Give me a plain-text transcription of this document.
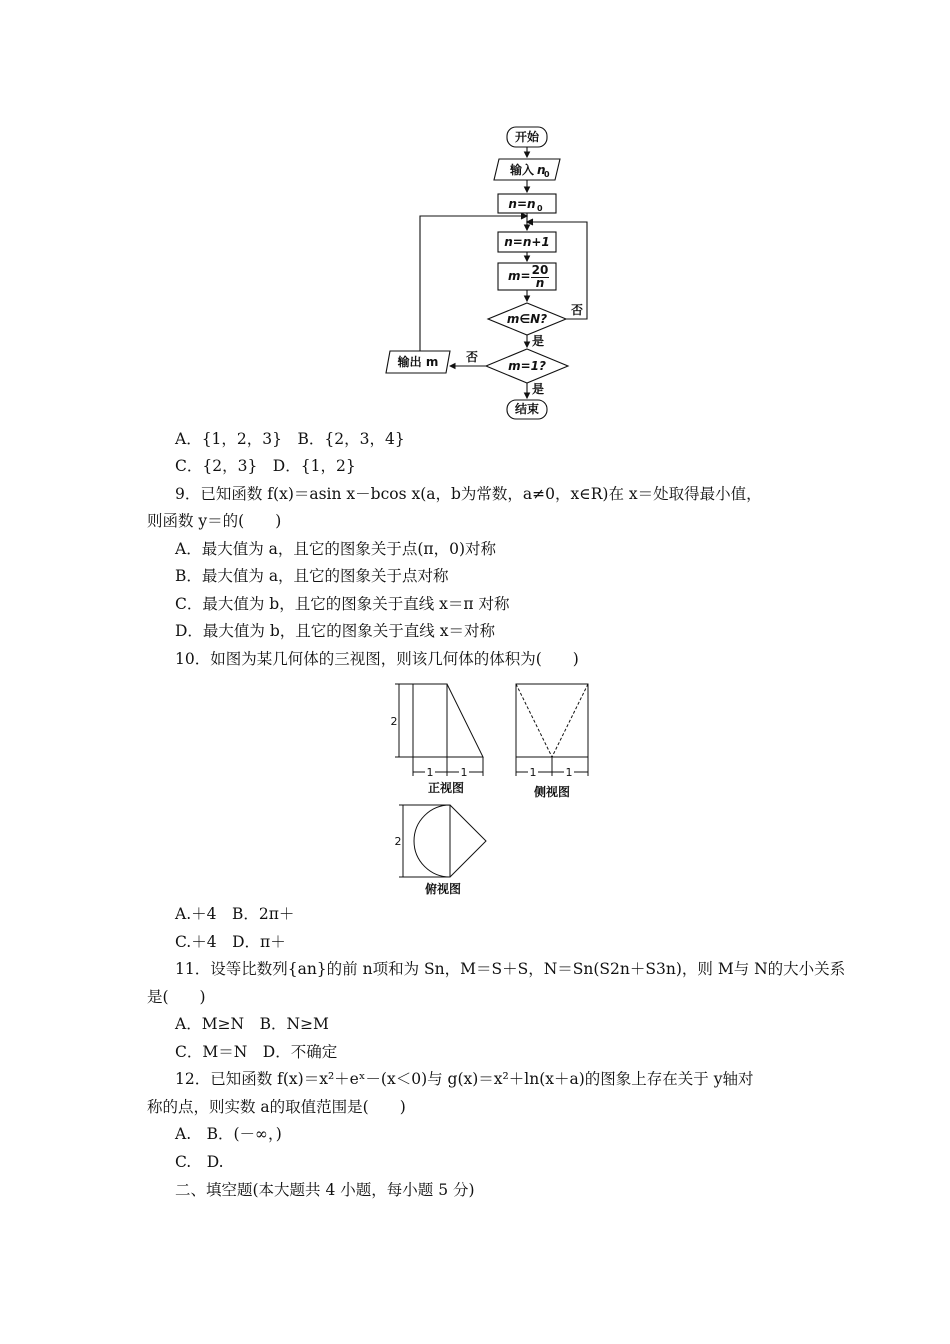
开始
输入 n
0
n=n 0
n=n+1
m= 20
n
m∈N?
m=1?
输出 m
结束
否
是
否
是
A．{1，2，3}　B．{2，3，4}
C．{2，3}　D．{1，2}
9．已知函数 f(x)＝asin x－bcos x(a，b为常数，a≠0，x∈R)在 x＝处取得最小值，
则函数 y＝的(　　)
A．最大值为 a，且它的图象关于点(π，0)对称
B．最大值为 a，且它的图象关于点对称
C．最大值为 b，且它的图象关于直线 x＝π 对称
D．最大值为 b，且它的图象关于直线 x＝对称
10．如图为某几何体的三视图，则该几何体的体积为(　　)
2
1 1	1	1
2
正视图	侧视图
俯视图
A.＋4　B．2π＋
C.＋4　D．π＋
11．设等比数列{an}的前 n项和为 Sn，M＝S＋S，N＝Sn(S2n＋S3n)，则 M与 N的大小关系
是(　　)
A．M≥N　B．N≥M
C．M＝N　D．不确定
12．已知函数 f(x)＝x²＋eˣ－(x＜0)与 g(x)＝x²＋ln(x＋a)的图象上存在关于 y轴对
称的点，则实数 a的取值范围是(　　)
A.　B．(－∞，)
C.　D.
二、填空题(本大题共 4 小题，每小题 5 分)
